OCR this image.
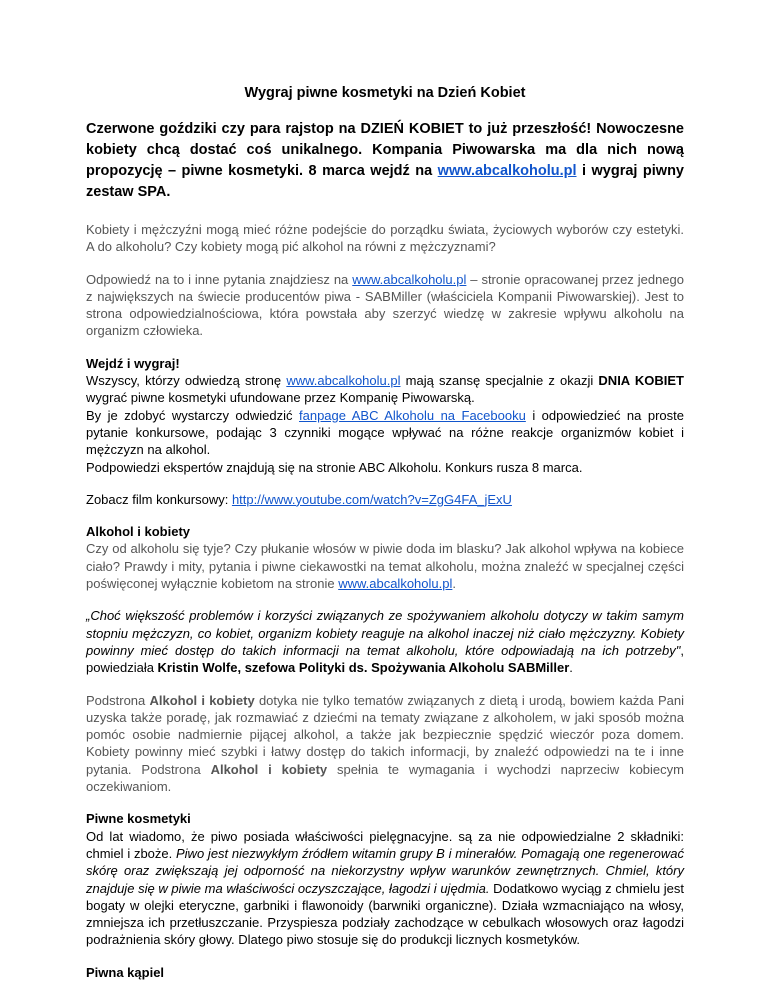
Wygraj piwne kosmetyki na Dzień Kobiet
Czerwone goździki czy para rajstop na DZIEŃ KOBIET to już przeszłość! Nowoczesne kobiety chcą dostać coś unikalnego. Kompania Piwowarska ma dla nich nową propozycję – piwne kosmetyki. 8 marca wejdź na www.abcalkoholu.pl i wygraj piwny zestaw SPA.

Kobiety i mężczyźni mogą mieć różne podejście do porządku świata, życiowych wyborów czy estetyki. A do alkoholu? Czy kobiety mogą pić alkohol na równi z mężczyznami?

Odpowiedź na to i inne pytania znajdziesz na www.abcalkoholu.pl – stronie opracowanej przez jednego z największych na świecie producentów piwa - SABMiller (właściciela Kompanii Piwowarskiej). Jest to strona odpowiedzialnościowa, która powstała aby szerzyć wiedzę w zakresie wpływu alkoholu na organizm człowieka.

Wejdź i wygraj!
Wszyscy, którzy odwiedzą stronę www.abcalkoholu.pl mają szansę specjalnie z okazji DNIA KOBIET wygrać piwne kosmetyki ufundowane przez Kompanię Piwowarską.
By je zdobyć wystarczy odwiedzić fanpage ABC Alkoholu na Facebooku i odpowiedzieć na proste pytanie konkursowe, podając 3 czynniki mogące wpływać na różne reakcje organizmów kobiet i mężczyzn na alkohol.
Podpowiedzi ekspertów znajdują się na stronie ABC Alkoholu. Konkurs rusza 8 marca.

Zobacz film konkursowy: http://www.youtube.com/watch?v=ZgG4FA_jExU

Alkohol i kobiety
Czy od alkoholu się tyje? Czy płukanie włosów w piwie doda im blasku? Jak alkohol wpływa na kobiece ciało? Prawdy i mity, pytania i piwne ciekawostki na temat alkoholu, można znaleźć w specjalnej części poświęconej wyłącznie kobietom na stronie www.abcalkoholu.pl.

„Choć większość problemów i korzyści związanych ze spożywaniem alkoholu dotyczy w takim samym stopniu mężczyzn, co kobiet, organizm kobiety reaguje na alkohol inaczej niż ciało mężczyzny. Kobiety powinny mieć dostęp do takich informacji na temat alkoholu, które odpowiadają na ich potrzeby", powiedziała Kristin Wolfe, szefowa Polityki ds. Spożywania Alkoholu SABMiller.

Podstrona Alkohol i kobiety dotyka nie tylko tematów związanych z dietą i urodą, bowiem każda Pani uzyska także poradę, jak rozmawiać z dziećmi na tematy związane z alkoholem, w jaki sposób można pomóc osobie nadmiernie pijącej alkohol, a także jak bezpiecznie spędzić wieczór poza domem. Kobiety powinny mieć szybki i łatwy dostęp do takich informacji, by znaleźć odpowiedzi na te i inne pytania. Podstrona Alkohol i kobiety spełnia te wymagania i wychodzi naprzeciw kobiecym oczekiwaniom.

Piwne kosmetyki
Od lat wiadomo, że piwo posiada właściwości pielęgnacyjne. są za nie odpowiedzialne 2 składniki: chmiel i zboże. Piwo jest niezwykłym źródłem witamin grupy B i minerałów. Pomagają one regenerować skórę oraz zwiększają jej odporność na niekorzystny wpływ warunków zewnętrznych. Chmiel, który znajduje się w piwie ma właściwości oczyszczające, łagodzi i ujędmia. Dodatkowo wyciąg z chmielu jest bogaty w olejki eteryczne, garbniki i flawonoidy (barwniki organiczne). Działa wzmacniająco na włosy, zmniejsza ich przetłuszczanie. Przyspiesza podziały zachodzące w cebulkach włosowych oraz łagodzi podrażnienia skóry głowy. Dlatego piwo stosuje się do produkcji licznych kosmetyków.
Piwna kąpiel
